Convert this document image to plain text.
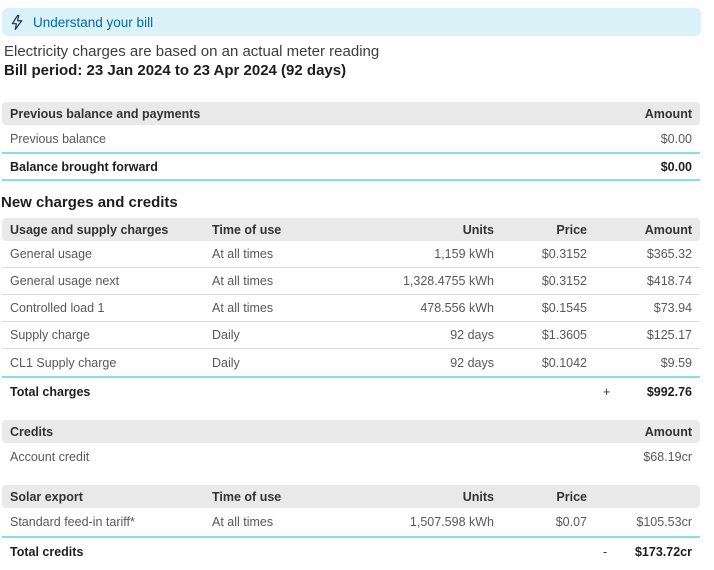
Understand your bill
Electricity charges are based on an actual meter reading
Bill period: 23 Jan 2024 to 23 Apr 2024 (92 days)
Previous balance and payments	Amount
Previous balance	$0.00
Balance brought forward	$0.00
New charges and credits
Usage and supply charges	Time of use	Units	Price	Amount
General usage	At all times	1,159 kWh	$0.3152	$365.32
General usage next	At all times	1,328.4755 kWh	$0.3152	$418.74
Controlled load 1	At all times	478.556 kWh	$0.1545	$73.94
Supply charge	Daily	92 days	$1.3605	$125.17
CL1 Supply charge	Daily	92 days	$0.1042	$9.59
Total charges	+	$992.76
Credits	Amount
Account credit	$68.19cr
Solar export	Time of use	Units	Price
Standard feed-in tariff*	At all times	1,507.598 kWh	$0.07	$105.53cr
Total credits	- $173.72cr
